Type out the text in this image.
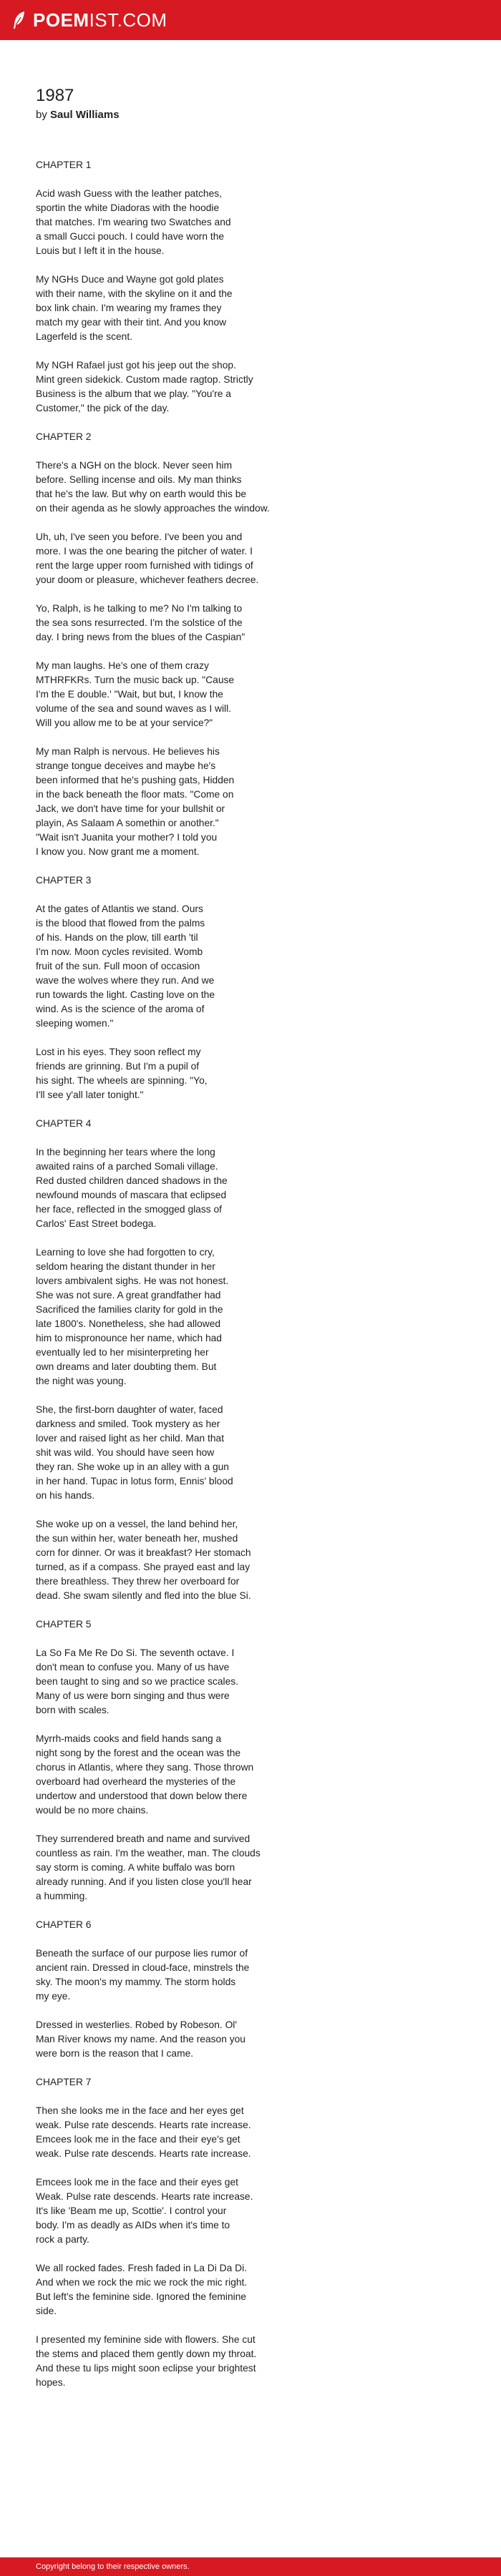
POEM IST.COM
1987
by Saul Williams

CHAPTER 1

Acid wash Guess with the leather patches,
sportin the white Diadoras with the hoodie
that matches. I'm wearing two Swatches and
a small Gucci pouch. I could have worn the
Louis but I left it in the house.

My NGHs Duce and Wayne got gold plates
with their name, with the skyline on it and the
box link chain. I'm wearing my frames they
match my gear with their tint. And you know
Lagerfeld is the scent.

My NGH Rafael just got his jeep out the shop.
Mint green sidekick. Custom made ragtop. Strictly
Business is the album that we play. "You're a
Customer," the pick of the day.

CHAPTER 2

There's a NGH on the block. Never seen him
before. Selling incense and oils. My man thinks
that he's the law. But why on earth would this be
on their agenda as he slowly approaches the window.

Uh, uh, I've seen you before. I've been you and
more. I was the one bearing the pitcher of water. I
rent the large upper room furnished with tidings of
your doom or pleasure, whichever feathers decree.

Yo, Ralph, is he talking to me? No I'm talking to
the sea sons resurrected. I'm the solstice of the
day. I bring news from the blues of the Caspian"

My man laughs. He's one of them crazy
MTHRFKRs. Turn the music back up. "Cause
I'm the E double.' "Wait, but but, I know the
volume of the sea and sound waves as I will.
Will you allow me to be at your service?"

My man Ralph is nervous. He believes his
strange tongue deceives and maybe he's
been informed that he's pushing gats, Hidden
in the back beneath the floor mats. "Come on
Jack, we don't have time for your bullshit or
playin, As Salaam A somethin or another."
"Wait isn't Juanita your mother? I told you
I know you. Now grant me a moment.

CHAPTER 3

At the gates of Atlantis we stand. Ours
is the blood that flowed from the palms
of his. Hands on the plow, till earth 'til
I'm now. Moon cycles revisited. Womb
fruit of the sun. Full moon of occasion
wave the wolves where they run. And we
run towards the light. Casting love on the
wind. As is the science of the aroma of
sleeping women."

Lost in his eyes. They soon reflect my
friends are grinning. But I'm a pupil of
his sight. The wheels are spinning. "Yo,
I'll see y'all later tonight."

CHAPTER 4

In the beginning her tears where the long
awaited rains of a parched Somali village.
Red dusted children danced shadows in the
newfound mounds of mascara that eclipsed
her face, reflected in the smogged glass of
Carlos' East Street bodega.

Learning to love she had forgotten to cry,
seldom hearing the distant thunder in her
lovers ambivalent sighs. He was not honest.
She was not sure. A great grandfather had
Sacrificed the families clarity for gold in the
late 1800's. Nonetheless, she had allowed
him to mispronounce her name, which had
eventually led to her misinterpreting her
own dreams and later doubting them. But
the night was young.

She, the first-born daughter of water, faced
darkness and smiled. Took mystery as her
lover and raised light as her child. Man that
shit was wild. You should have seen how
they ran. She woke up in an alley with a gun
in her hand. Tupac in lotus form, Ennis' blood
on his hands.

She woke up on a vessel, the land behind her,
the sun within her, water beneath her, mushed
corn for dinner. Or was it breakfast? Her stomach
turned, as if a compass. She prayed east and lay
there breathless. They threw her overboard for
dead. She swam silently and fled into the blue Si.

CHAPTER 5

La So Fa Me Re Do Si. The seventh octave. I
don't mean to confuse you. Many of us have
been taught to sing and so we practice scales.
Many of us were born singing and thus were
born with scales.

Myrrh-maids cooks and field hands sang a
night song by the forest and the ocean was the
chorus in Atlantis, where they sang. Those thrown
overboard had overheard the mysteries of the
undertow and understood that down below there
would be no more chains.

They surrendered breath and name and survived
countless as rain. I'm the weather, man. The clouds
say storm is coming. A white buffalo was born
already running. And if you listen close you'll hear
a humming.

CHAPTER 6

Beneath the surface of our purpose lies rumor of
ancient rain. Dressed in cloud-face, minstrels the
sky. The moon's my mammy. The storm holds
my eye.

Dressed in westerlies. Robed by Robeson. Ol'
Man River knows my name. And the reason you
were born is the reason that I came.

CHAPTER 7

Then she looks me in the face and her eyes get
weak. Pulse rate descends. Hearts rate increase.
Emcees look me in the face and their eye's get
weak. Pulse rate descends. Hearts rate increase.

Emcees look me in the face and their eyes get
Weak. Pulse rate descends. Hearts rate increase.
It's like 'Beam me up, Scottie'. I control your
body. I'm as deadly as AIDs when it's time to
rock a party.

We all rocked fades. Fresh faded in La Di Da Di.
And when we rock the mic we rock the mic right.
But left's the feminine side. Ignored the feminine
side.

I presented my feminine side with flowers. She cut
the stems and placed them gently down my throat.
And these tu lips might soon eclipse your brightest
hopes.

Copyright belong to their respective owners.
